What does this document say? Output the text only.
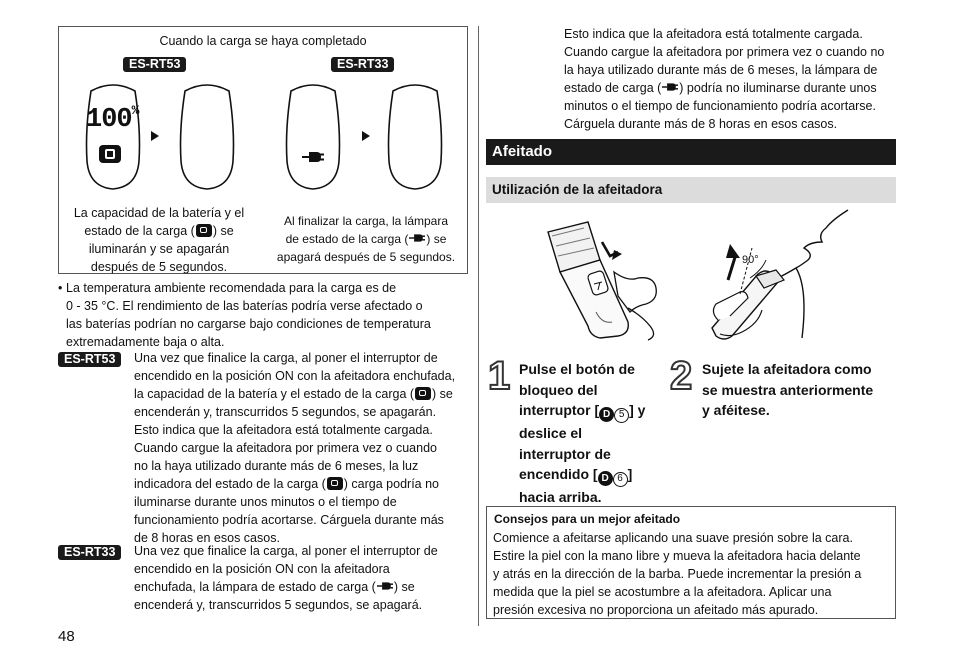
Cuando la carga se haya completado
ES-RT53	ES-RT33
100%
La capacidad de la batería y el
estado de la carga ( ) se
iluminarán y se apagarán
después de 5 segundos.
Al finalizar la carga, la lámpara
de estado de la carga ( ) se
apagará después de 5 segundos.
• La temperatura ambiente recomendada para la carga es de
0 - 35 °C. El rendimiento de las baterías podría verse afectado o
las baterías podrían no cargarse bajo condiciones de temperatura
extremadamente baja o alta.
ES-RT53	Una vez que finalice la carga, al poner el interruptor de
encendido en la posición ON con la afeitadora enchufada,
la capacidad de la batería y el estado de la carga ( ) se
encenderán y, transcurridos 5 segundos, se apagarán.
Esto indica que la afeitadora está totalmente cargada.
Cuando cargue la afeitadora por primera vez o cuando
no la haya utilizado durante más de 6 meses, la luz
indicadora del estado de la carga ( ) carga podría no
iluminarse durante unos minutos o el tiempo de
funcionamiento podría acortarse. Cárguela durante más
de 8 horas en esos casos.
ES-RT33	Una vez que finalice la carga, al poner el interruptor de
encendido en la posición ON con la afeitadora
enchufada, la lámpara de estado de carga ( ) se
encenderá y, transcurridos 5 segundos, se apagará.
48
Esto indica que la afeitadora está totalmente cargada.
Cuando cargue la afeitadora por primera vez o cuando no
la haya utilizado durante más de 6 meses, la lámpara de
estado de carga ( ) podría no iluminarse durante unos
minutos o el tiempo de funcionamiento podría acortarse.
Cárguela durante más de 8 horas en esos casos.
Afeitado
Utilización de la afeitadora
90°
1 Pulse el botón de
bloqueo del
interruptor [ D 5 ] y
deslice el
interruptor de
encendido [ D 6 ]
hacia arriba.
2 Sujete la afeitadora como
se muestra anteriormente
y aféitese.
Consejos para un mejor afeitado
Comience a afeitarse aplicando una suave presión sobre la cara.
Estire la piel con la mano libre y mueva la afeitadora hacia delante
y atrás en la dirección de la barba. Puede incrementar la presión a
medida que la piel se acostumbre a la afeitadora. Aplicar una
presión excesiva no proporciona un afeitado más apurado.
